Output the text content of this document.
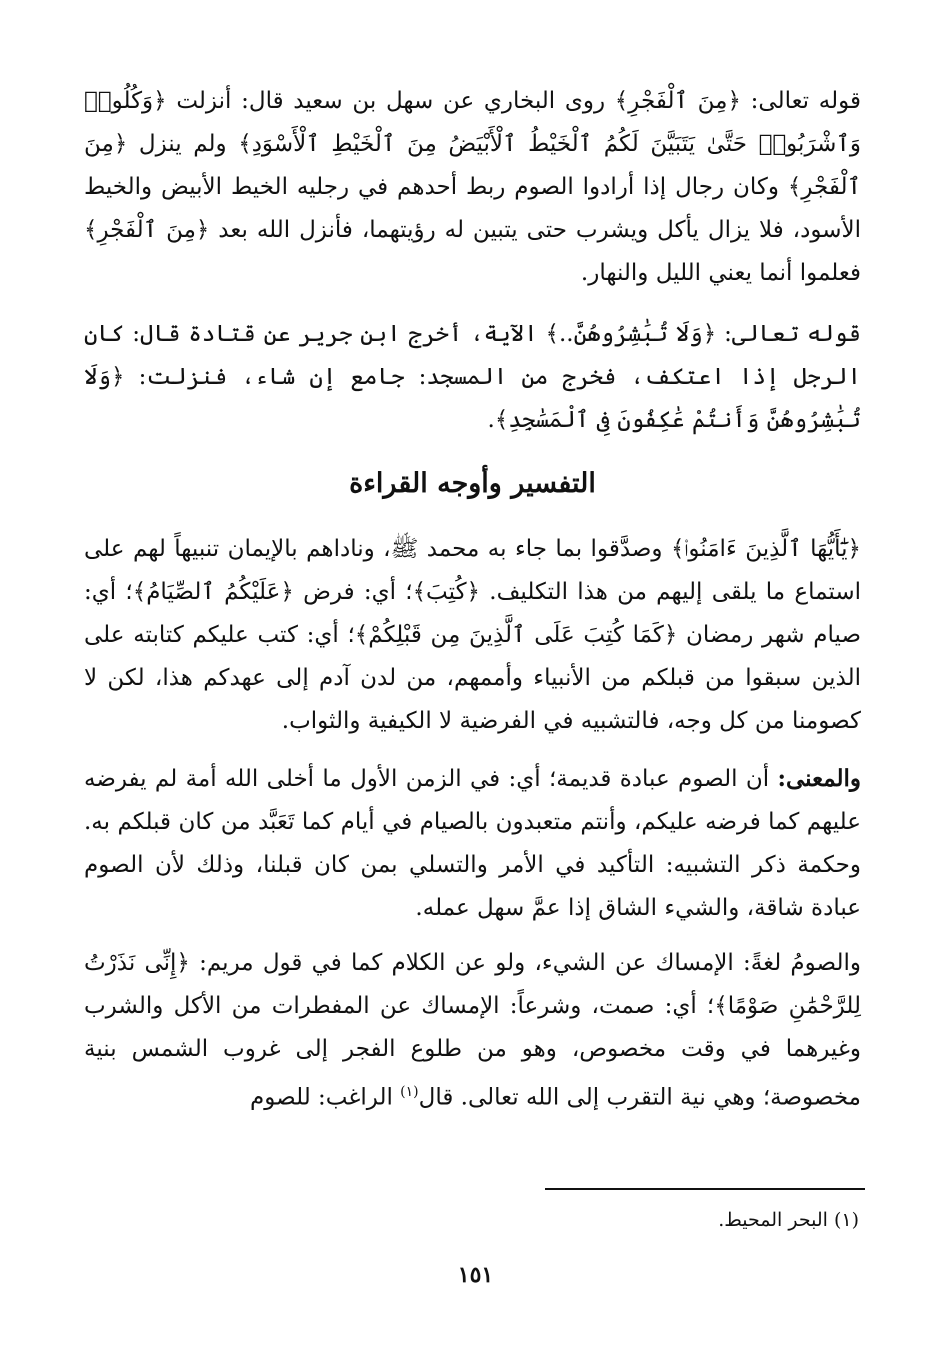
قوله تعالى: ﴿مِنَ ٱلْفَجْرِ﴾ روى البخاري عن سهل بن سعيد قال: أنزلت ﴿وَكُلُوا۟ وَٱشْرَبُوا۟ حَتَّىٰ يَتَبَيَّنَ لَكُمُ ٱلْخَيْطُ ٱلْأَبْيَضُ مِنَ ٱلْخَيْطِ ٱلْأَسْوَدِ﴾ ولم ينزل ﴿مِنَ ٱلْفَجْرِ﴾ وكان رجال إذا أرادوا الصوم ربط أحدهم في رجليه الخيط الأبيض والخيط الأسود، فلا يزال يأكل ويشرب حتى يتبين له رؤيتهما، فأنزل الله بعد ﴿مِنَ ٱلْفَجْرِ﴾ فعلموا أنما يعني الليل والنهار.

قوله تعالى: ﴿وَلَا تُبَٰشِرُوهُنَّ..﴾ الآية، أخرج ابن جرير عن قتادة قال: كان الرجل إذا اعتكف، فخرج من المسجد: جامع إن شاء، فنزلت: ﴿وَلَا تُبَٰشِرُوهُنَّ وَأَنتُمْ عَٰكِفُونَ فِى ٱلْمَسَٰجِدِ﴾.

التفسير وأوجه القراءة

﴿يَٰٓأَيُّهَا ٱلَّذِينَ ءَامَنُوا۟﴾ وصدَّقوا بما جاء به محمد ﷺ، وناداهم بالإيمان تنبيهاً لهم على استماع ما يلقى إليهم من هذا التكليف. ﴿كُتِبَ﴾؛ أي: فرض ﴿عَلَيْكُمُ ٱلصِّيَامُ﴾؛ أي: صيام شهر رمضان ﴿كَمَا كُتِبَ عَلَى ٱلَّذِينَ مِن قَبْلِكُمْ﴾؛ أي: كتب عليكم كتابته على الذين سبقوا من قبلكم من الأنبياء وأممهم، من لدن آدم إلى عهدكم هذا، لكن لا كصومنا من كل وجه، فالتشبيه في الفرضية لا الكيفية والثواب.

والمعنى: أن الصوم عبادة قديمة؛ أي: في الزمن الأول ما أخلى الله أمة لم يفرضه عليهم كما فرضه عليكم، وأنتم متعبدون بالصيام في أيام كما تَعَبَّد من كان قبلكم به. وحكمة ذكر التشبيه: التأكيد في الأمر والتسلي بمن كان قبلنا، وذلك لأن الصوم عبادة شاقة، والشيء الشاق إذا عمَّ سهل عمله.

والصومُ لغةً: الإمساك عن الشيء، ولو عن الكلام كما في قول مريم: ﴿إِنِّى نَذَرْتُ لِلرَّحْمَٰنِ صَوْمًا﴾؛ أي: صمت، وشرعاً: الإمساك عن المفطرات من الأكل والشرب وغيرهما في وقت مخصوص، وهو من طلوع الفجر إلى غروب الشمس بنية مخصوصة؛ وهي نية التقرب إلى الله تعالى. قال$^{(١)}$ الراغب: للصوم

(١) البحر المحيط.
١٥١
